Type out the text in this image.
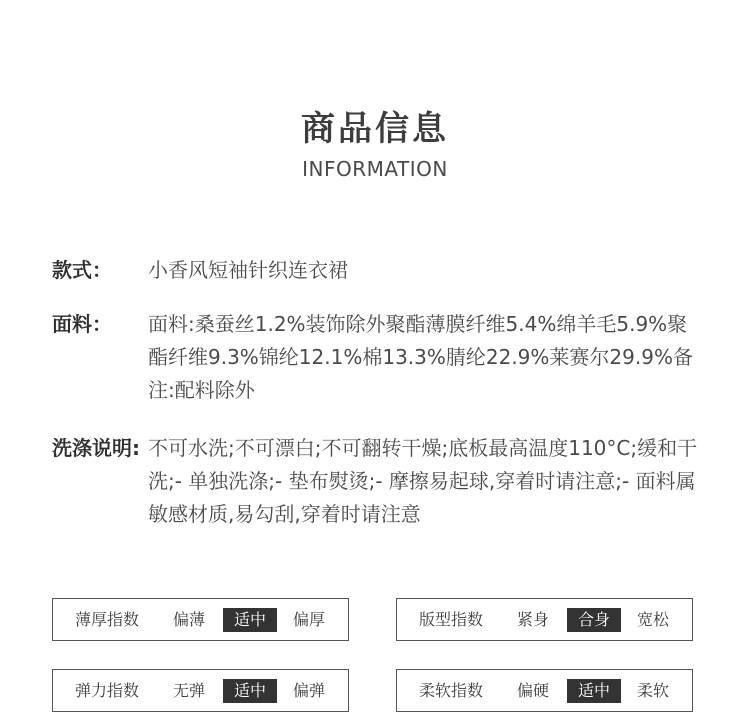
商品信息
INFORMATION
款式： 小香风短袖针织连衣裙
面料： 面料:桑蚕丝1.2%装饰除外聚酯薄膜纤维5.4%绵羊毛5.9%聚酯纤维9.3%锦纶12.1%棉13.3%腈纶22.9%莱赛尔29.9%备注:配料除外
洗涤说明: 不可水洗;不可漂白;不可翻转干燥;底板最高温度110°C;缓和干洗;- 单独洗涤;- 垫布熨烫;- 摩擦易起球,穿着时请注意;- 面料属敏感材质,易勾刮,穿着时请注意
薄厚指数	偏薄	适中	偏厚	版型指数	紧身	合身	宽松
弹力指数	无弹	适中	偏弹	柔软指数	偏硬	适中	柔软
